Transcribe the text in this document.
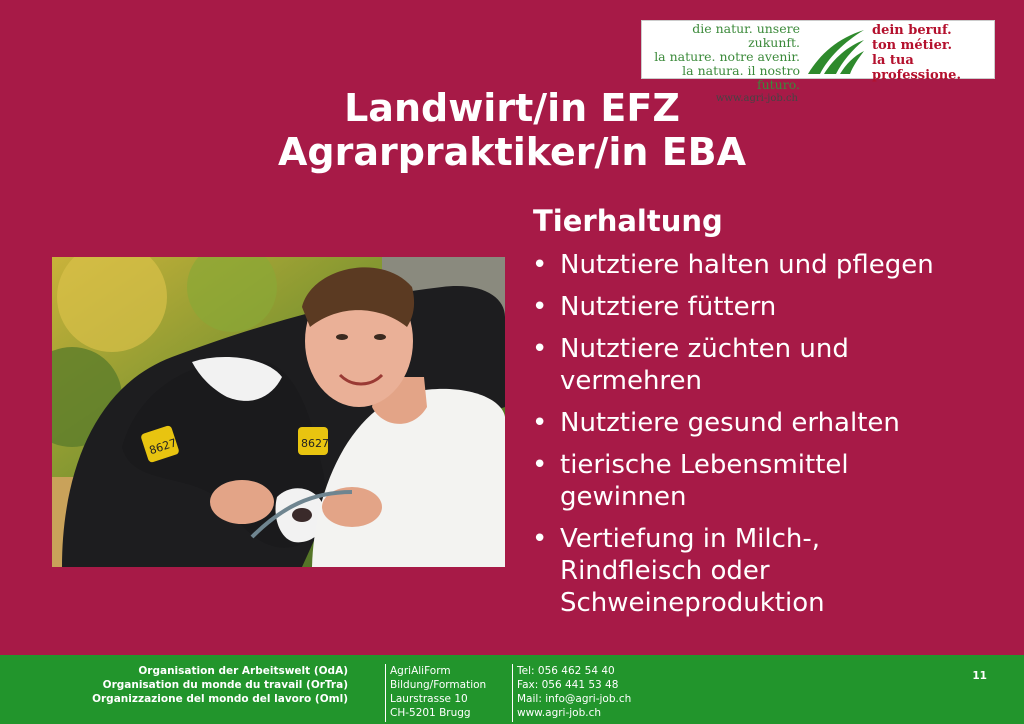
die natur. unsere zukunft.
la nature. notre avenir.
la natura. il nostro futuro.
www.agri-job.ch
dein beruf.
ton métier.
la tua professione.
Landwirt/in EFZ
Agrarpraktiker/in EBA
Tierhaltung
• Nutztiere halten und pflegen
• Nutztiere füttern
• Nutztiere züchten und
vermehren
• Nutztiere gesund erhalten
• tierische Lebensmittel
gewinnen
• Vertiefung in Milch-,
Rindfleisch oder
Schweineproduktion
8627	8627
Organisation der Arbeitswelt (OdA)
Organisation du monde du travail (OrTra)
Organizzazione del mondo del lavoro (Oml)
AgriAliForm
Bildung/Formation
Laurstrasse 10
CH-5201 Brugg
Tel: 056 462 54 40
Fax: 056 441 53 48
Mail: info@agri-job.ch
www.agri-job.ch
11
